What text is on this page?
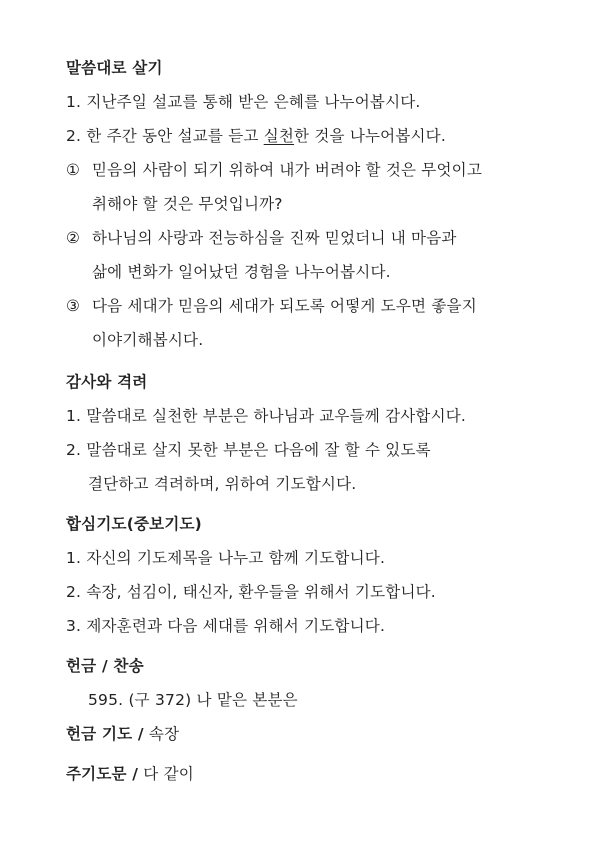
말씀대로 살기
1. 지난주일 설교를 통해 받은 은혜를 나누어봅시다.
2. 한 주간 동안 설교를 듣고 실천한 것을 나누어봅시다.
① 믿음의 사람이 되기 위하여 내가 버려야 할 것은 무엇이고
취해야 할 것은 무엇입니까?
② 하나님의 사랑과 전능하심을 진짜 믿었더니 내 마음과
삶에 변화가 일어났던 경험을 나누어봅시다.
③ 다음 세대가 믿음의 세대가 되도록 어떻게 도우면 좋을지
이야기해봅시다.
감사와 격려
1. 말씀대로 실천한 부분은 하나님과 교우들께 감사합시다.
2. 말씀대로 살지 못한 부분은 다음에 잘 할 수 있도록
결단하고 격려하며, 위하여 기도합시다.
합심기도(중보기도)
1. 자신의 기도제목을 나누고 함께 기도합니다.
2. 속장, 섬김이, 태신자, 환우들을 위해서 기도합니다.
3. 제자훈련과 다음 세대를 위해서 기도합니다.
헌금 / 찬송
595. (구 372) 나 맡은 본분은
헌금 기도 / 속장
주기도문 / 다 같이
